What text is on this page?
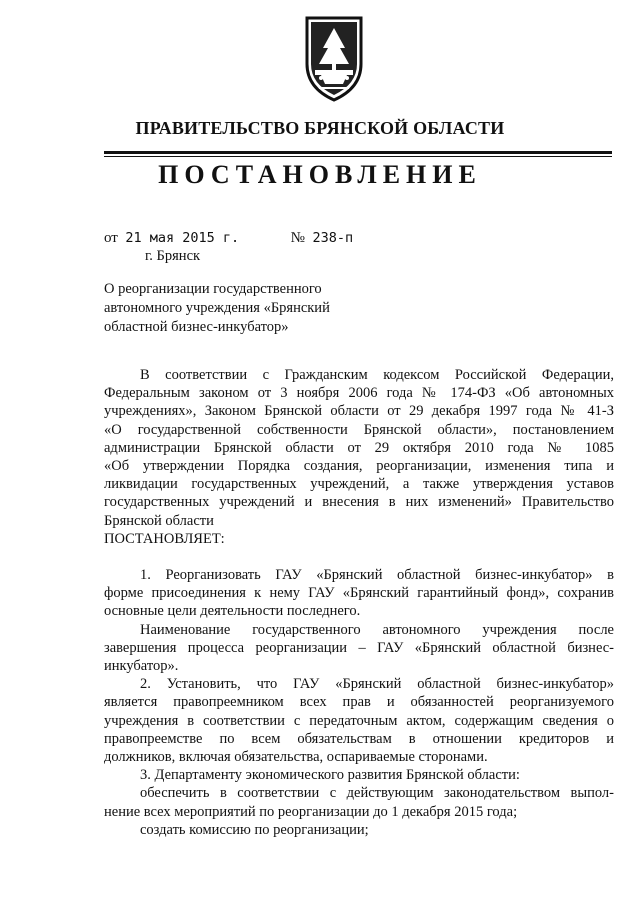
ПРАВИТЕЛЬСТВО БРЯНСКОЙ ОБЛАСТИ
ПОСТАНОВЛЕНИЕ
от 21 мая 2015 г.	№ 238-п
г. Брянск
О реорганизации государственного
автономного учреждения «Брянский
областной бизнес-инкубатор»

В соответствии с Гражданским кодексом Российской Федерации,
Федеральным законом от 3 ноября 2006 года № 174-ФЗ «Об автономных
учреждениях», Законом Брянской области от 29 декабря 1997 года № 41-З
«О государственной собственности Брянской области», постановлением
администрации Брянской области от 29 октября 2010 года № 1085
«Об утверждении Порядка создания, реорганизации, изменения типа и
ликвидации государственных учреждений, а также утверждения уставов
государственных учреждений и внесения в них изменений» Правительство
Брянской области

ПОСТАНОВЛЯЕТ:

1. Реорганизовать ГАУ «Брянский областной бизнес-инкубатор» в
форме присоединения к нему ГАУ «Брянский гарантийный фонд», сохранив
основные цели деятельности последнего.

Наименование государственного автономного учреждения после
завершения процесса реорганизации – ГАУ «Брянский областной бизнес-
инкубатор».

2. Установить, что ГАУ «Брянский областной бизнес-инкубатор»
является правопреемником всех прав и обязанностей реорганизуемого
учреждения в соответствии с передаточным актом, содержащим сведения о
правопреемстве по всем обязательствам в отношении кредиторов и
должников, включая обязательства, оспариваемые сторонами.

3. Департаменту экономического развития Брянской области:

обеспечить в соответствии с действующим законодательством выпол-
нение всех мероприятий по реорганизации до 1 декабря 2015 года;

создать комиссию по реорганизации;
